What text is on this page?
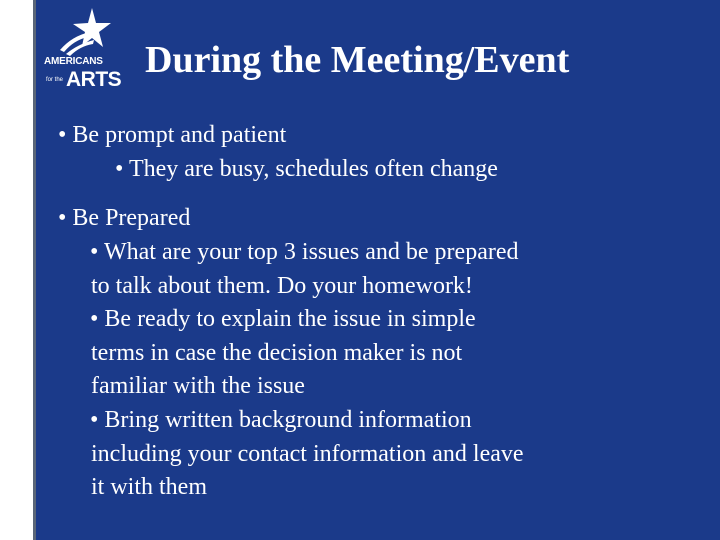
AMERICANS
for the ARTS During the Meeting/Event
• Be prompt and patient
• They are busy, schedules often change
• Be Prepared
• What are your top 3 issues and be prepared
to talk about them. Do your homework!
• Be ready to explain the issue in simple
terms in case the decision maker is not
familiar with the issue
• Bring written background information
including your contact information and leave
it with them
